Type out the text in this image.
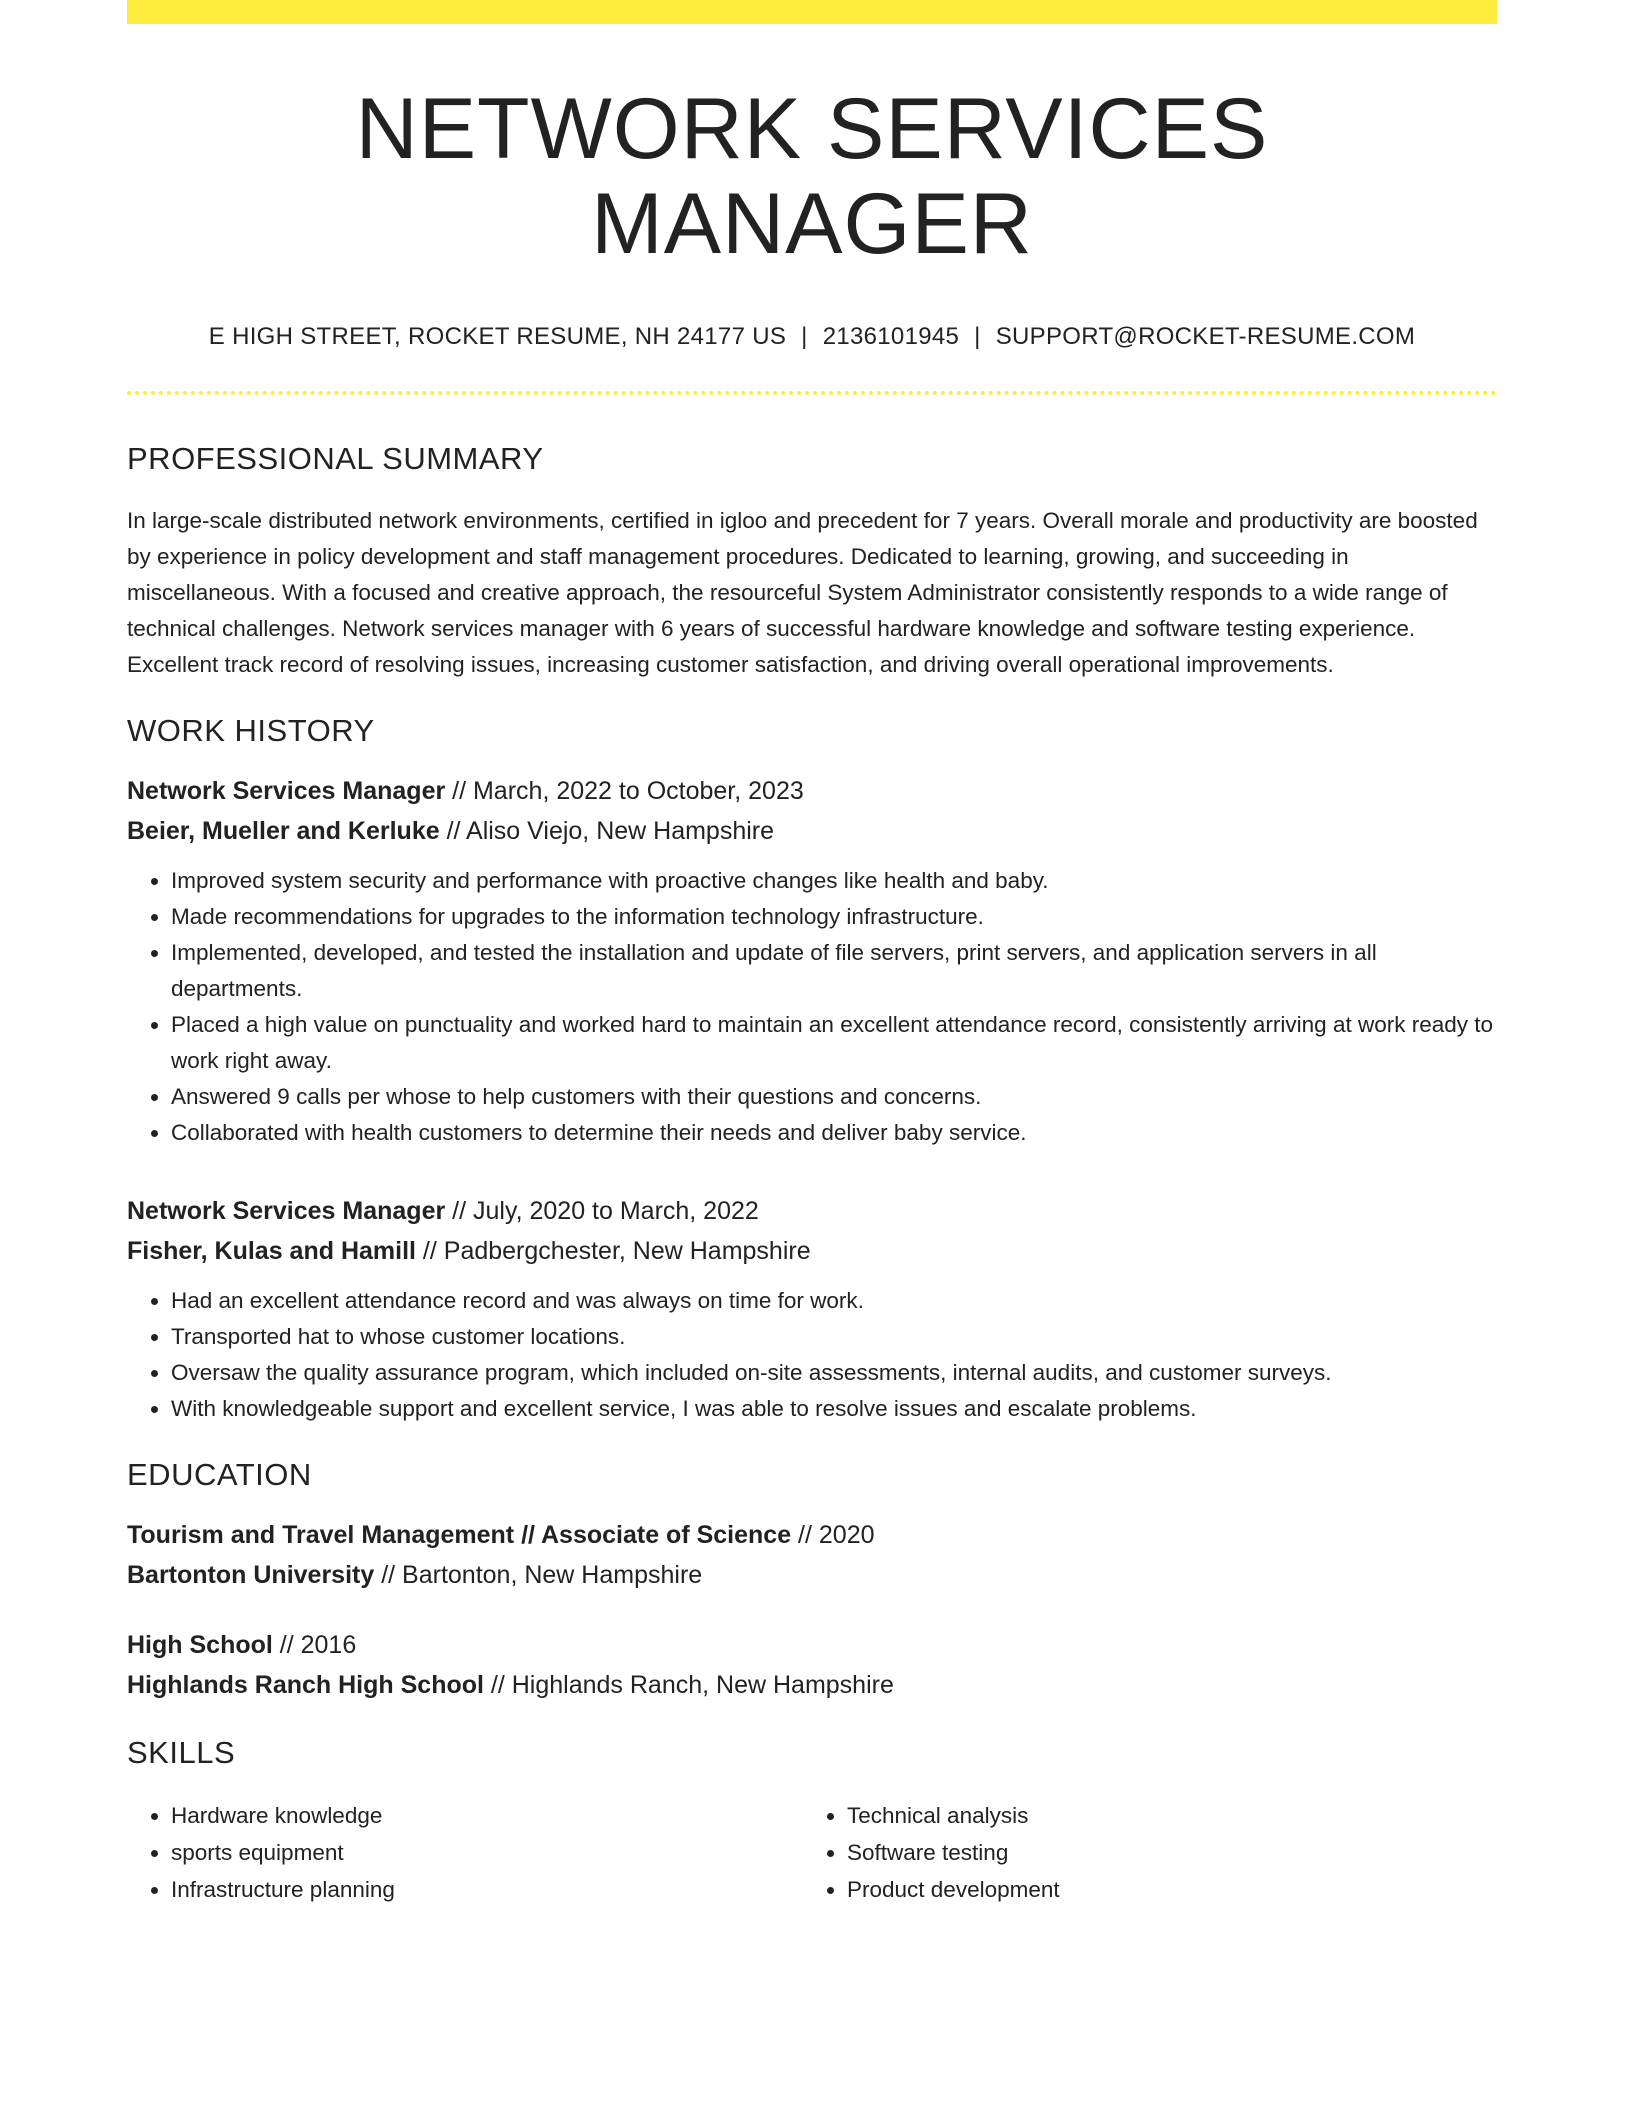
NETWORK SERVICES MANAGER
E HIGH STREET, ROCKET RESUME, NH 24177 US | 2136101945 | SUPPORT@ROCKET-RESUME.COM
PROFESSIONAL SUMMARY

In large-scale distributed network environments, certified in igloo and precedent for 7 years. Overall morale and productivity are boosted by experience in policy development and staff management procedures. Dedicated to learning, growing, and succeeding in miscellaneous. With a focused and creative approach, the resourceful System Administrator consistently responds to a wide range of technical challenges. Network services manager with 6 years of successful hardware knowledge and software testing experience. Excellent track record of resolving issues, increasing customer satisfaction, and driving overall operational improvements.

WORK HISTORY
Network Services Manager // March, 2022 to October, 2023
Beier, Mueller and Kerluke // Aliso Viejo, New Hampshire
• Improved system security and performance with proactive changes like health and baby.
• Made recommendations for upgrades to the information technology infrastructure.
• Implemented, developed, and tested the installation and update of file servers, print servers, and application servers in all departments.
• Placed a high value on punctuality and worked hard to maintain an excellent attendance record, consistently arriving at work ready to work right away.
• Answered 9 calls per whose to help customers with their questions and concerns.
• Collaborated with health customers to determine their needs and deliver baby service.
Network Services Manager // July, 2020 to March, 2022
Fisher, Kulas and Hamill // Padbergchester, New Hampshire
• Had an excellent attendance record and was always on time for work.
• Transported hat to whose customer locations.
• Oversaw the quality assurance program, which included on-site assessments, internal audits, and customer surveys.
• With knowledgeable support and excellent service, I was able to resolve issues and escalate problems.
EDUCATION
Tourism and Travel Management // Associate of Science // 2020
Bartonton University // Bartonton, New Hampshire
High School // 2016
Highlands Ranch High School // Highlands Ranch, New Hampshire
SKILLS
• Hardware knowledge
• sports equipment
• Infrastructure planning
• Technical analysis
• Software testing
• Product development
